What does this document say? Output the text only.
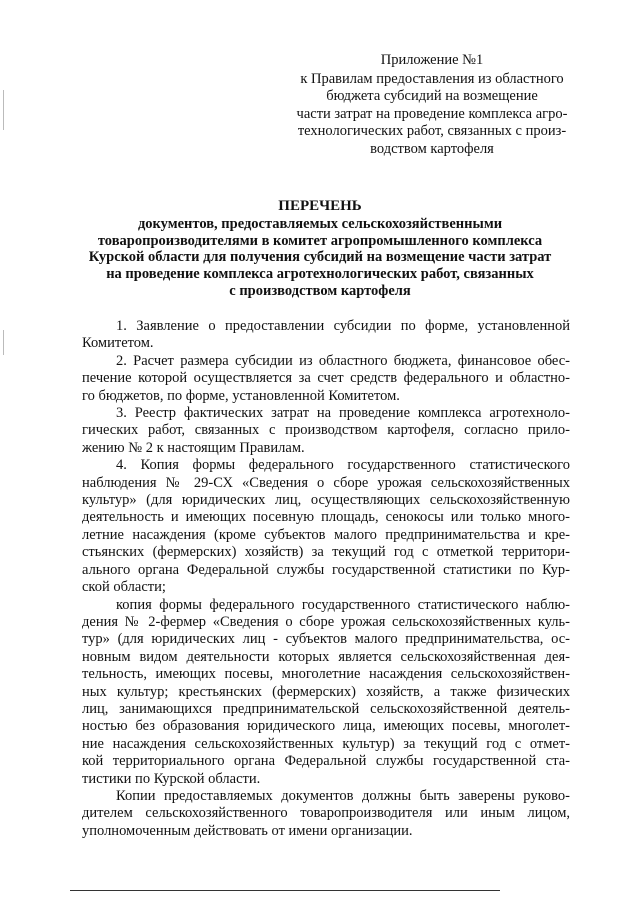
Приложение №1
к Правилам предоставления из областного
бюджета субсидий на возмещение
части затрат на проведение комплекса агро-
технологических работ, связанных с произ-
водством картофеля
ПЕРЕЧЕНЬ
документов, предоставляемых сельскохозяйственными
товаропроизводителями в комитет агропромышленного комплекса
Курской области для получения субсидий на возмещение части затрат
на проведение комплекса агротехнологических работ, связанных
с производством картофеля

1. Заявление о предоставлении субсидии по форме, установленной
Комитетом.

2. Расчет размера субсидии из областного бюджета, финансовое обес-
печение которой осуществляется за счет средств федерального и областно-
го бюджетов, по форме, установленной Комитетом.

3. Реестр фактических затрат на проведение комплекса агротехноло-
гических работ, связанных с производством картофеля, согласно прило-
жению № 2 к настоящим Правилам.

4. Копия формы федерального государственного статистического
наблюдения № 29-СХ «Сведения о сборе урожая сельскохозяйственных
культур» (для юридических лиц, осуществляющих сельскохозяйственную
деятельность и имеющих посевную площадь, сенокосы или только много-
летние насаждения (кроме субъектов малого предпринимательства и кре-
стьянских (фермерских) хозяйств) за текущий год с отметкой территори-
ального органа Федеральной службы государственной статистики по Кур-
ской области;

копия формы федерального государственного статистического наблю-
дения № 2-фермер «Сведения о сборе урожая сельскохозяйственных куль-
тур» (для юридических лиц - субъектов малого предпринимательства, ос-
новным видом деятельности которых является сельскохозяйственная дея-
тельность, имеющих посевы, многолетние насаждения сельскохозяйствен-
ных культур; крестьянских (фермерских) хозяйств, а также физических
лиц, занимающихся предпринимательской сельскохозяйственной деятель-
ностью без образования юридического лица, имеющих посевы, многолет-
ние насаждения сельскохозяйственных культур) за текущий год с отмет-
кой территориального органа Федеральной службы государственной ста-
тистики по Курской области.

Копии предоставляемых документов должны быть заверены руково-
дителем сельскохозяйственного товаропроизводителя или иным лицом,
уполномоченным действовать от имени организации.
